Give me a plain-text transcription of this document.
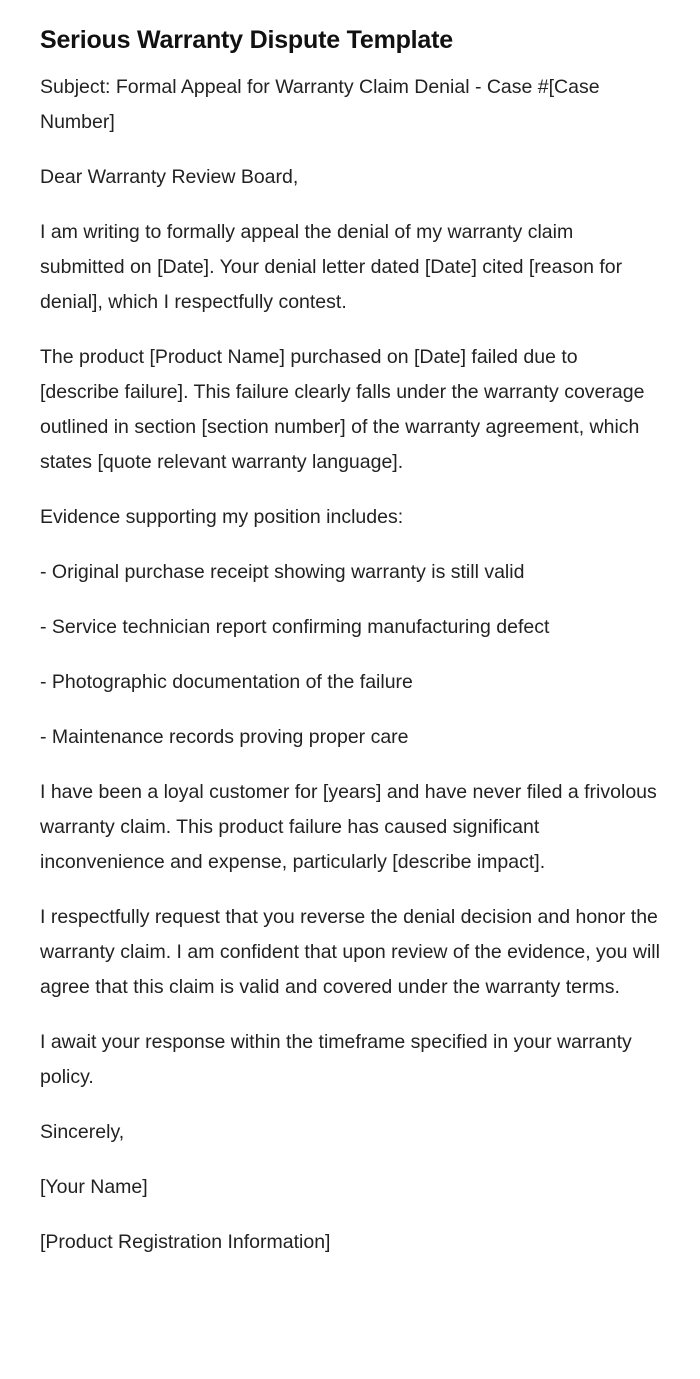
Serious Warranty Dispute Template

Subject: Formal Appeal for Warranty Claim Denial - Case #[Case Number]

Dear Warranty Review Board,

I am writing to formally appeal the denial of my warranty claim submitted on [Date]. Your denial letter dated [Date] cited [reason for denial], which I respectfully contest.

The product [Product Name] purchased on [Date] failed due to [describe failure]. This failure clearly falls under the warranty coverage outlined in section [section number] of the warranty agreement, which states [quote relevant warranty language].

Evidence supporting my position includes:

- Original purchase receipt showing warranty is still valid

- Service technician report confirming manufacturing defect

- Photographic documentation of the failure

- Maintenance records proving proper care

I have been a loyal customer for [years] and have never filed a frivolous warranty claim. This product failure has caused significant inconvenience and expense, particularly [describe impact].

I respectfully request that you reverse the denial decision and honor the warranty claim. I am confident that upon review of the evidence, you will agree that this claim is valid and covered under the warranty terms.

I await your response within the timeframe specified in your warranty policy.

Sincerely,

[Your Name]

[Product Registration Information]
